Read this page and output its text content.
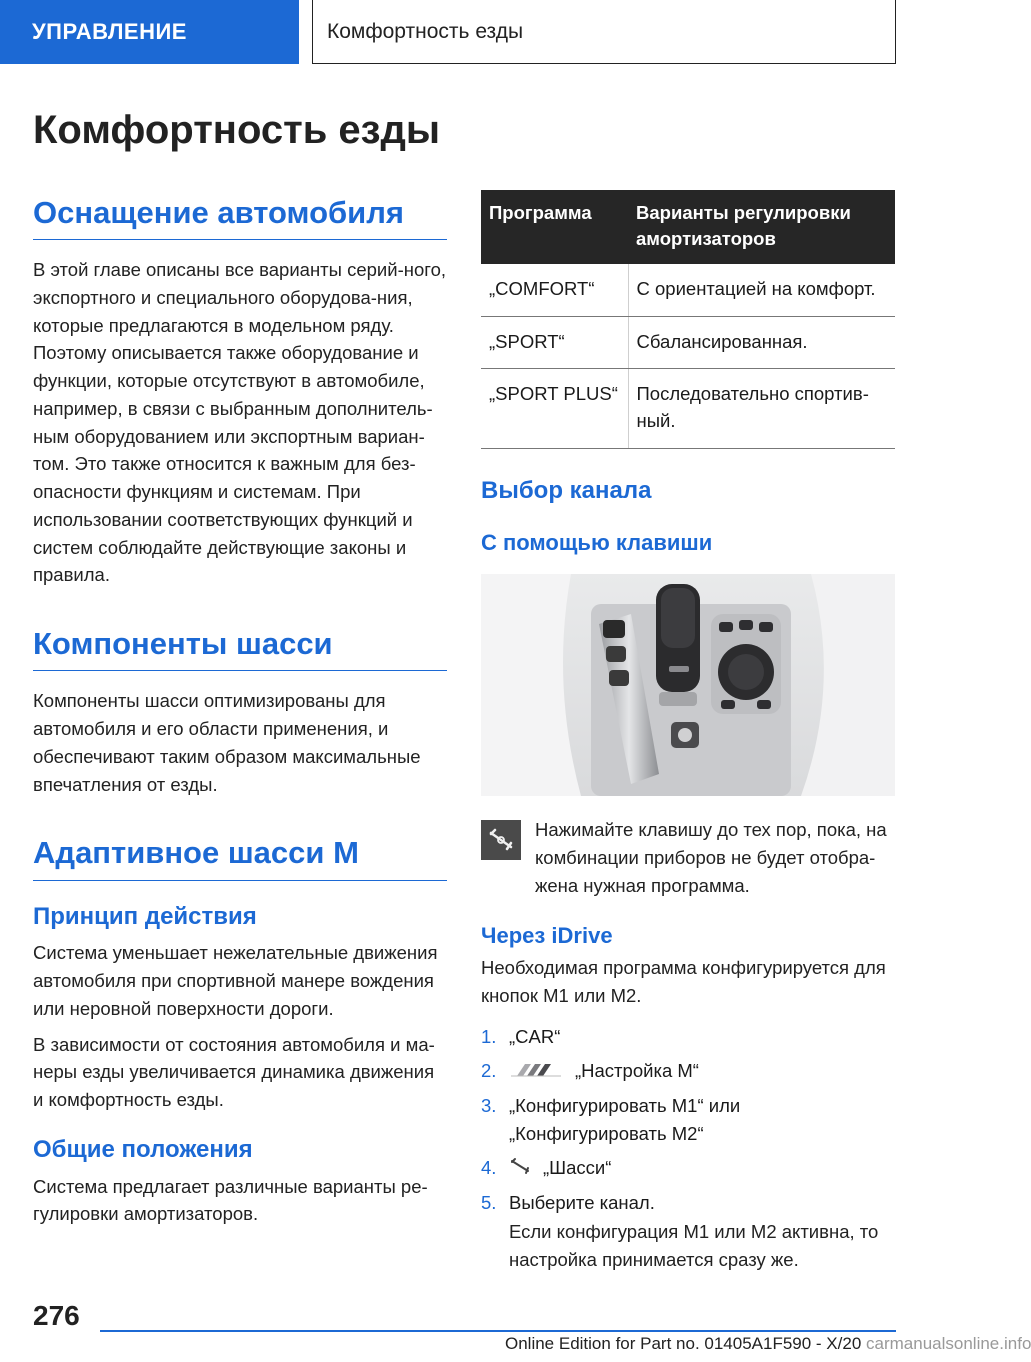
УПРАВЛЕНИЕ	Комфортность езды
Комфортность езды
Оснащение автомобиля

В этой главе описаны все варианты серий-ного, экспортного и специального оборудова-ния, которые предлагаются в модельном ряду. Поэтому описывается также оборудование и функции, которые отсутствуют в автомобиле, например, в связи с выбранным дополнитель-ным оборудованием или экспортным вариан-том. Это также относится к важным для без-опасности функциям и системам. При использовании соответствующих функций и систем соблюдайте действующие законы и правила.

Компоненты шасси

Компоненты шасси оптимизированы для автомобиля и его области применения, и обеспечивают таким образом максимальные впечатления от езды.

Адаптивное шасси M
Принцип действия

Система уменьшает нежелательные движения автомобиля при спортивной манере вождения или неровной поверхности дороги.

В зависимости от состояния автомобиля и ма-неры езды увеличивается динамика движения и комфортность езды.

Общие положения

Система предлагает различные варианты ре-гулировки амортизаторов.

Программа	Варианты регулировки амортизаторов
„COMFORT“	С ориентацией на комфорт.
„SPORT“	Сбалансированная.
„SPORT PLUS“	Последовательно спортив-ный.
Выбор канала
С помощью клавиши

Нажимайте клавишу до тех пор, пока, на комбинации приборов не будет отобра-жена нужная программа.

Через iDrive

Необходимая программа конфигурируется для кнопок M1 или M2.

1. „CAR“
2.	„Настройка M“
3. „Конфигурировать M1“ или „Конфигурировать M2“
4.	„Шасси“
5. Выберите канал.

Если конфигурация M1 или M2 активна, то настройка принимается сразу же.

276
Online Edition for Part no. 01405A1F590 - X/20 carmanualsonline.info
